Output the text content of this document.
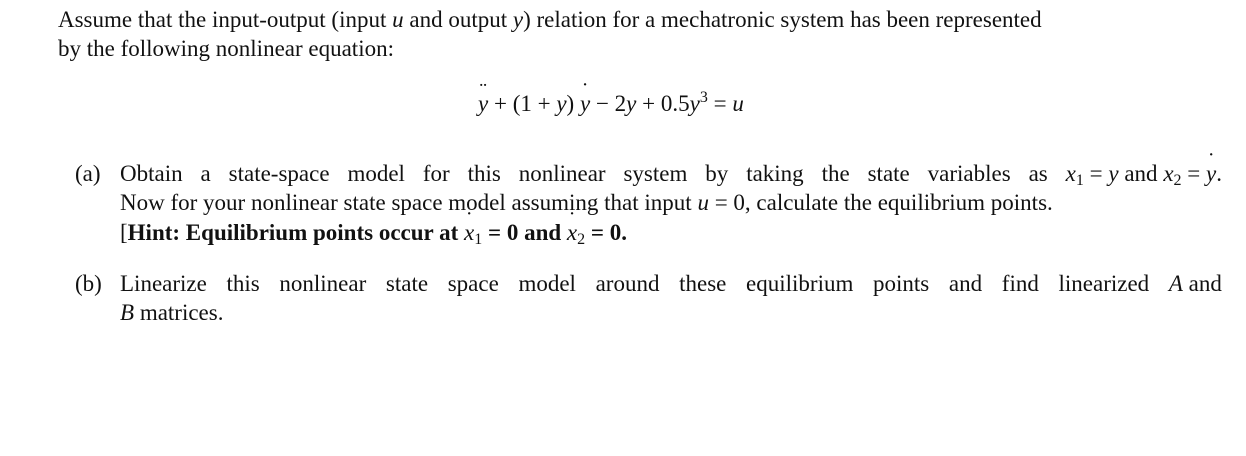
Assume that the input-output (input u and output y) relation for a mechatronic system has been represented
by the following nonlinear equation:
y ¨ + (1 + y) y ˙ − $2y + 0.5y^3 = u$
(a) Obtain a state-space model for this nonlinear system by taking the state variables as $x_1 = y$ and $x_2 = y$ ˙.
Now for your nonlinear state space model assuming that input u = 0, calculate the equilibrium points.
[Hint: Equilibrium points occur at x $˙_1 = 0$ and x $˙_2 = 0$.
(b) Linearize this nonlinear state space model around these equilibrium points and find linearized A and
B matrices.
